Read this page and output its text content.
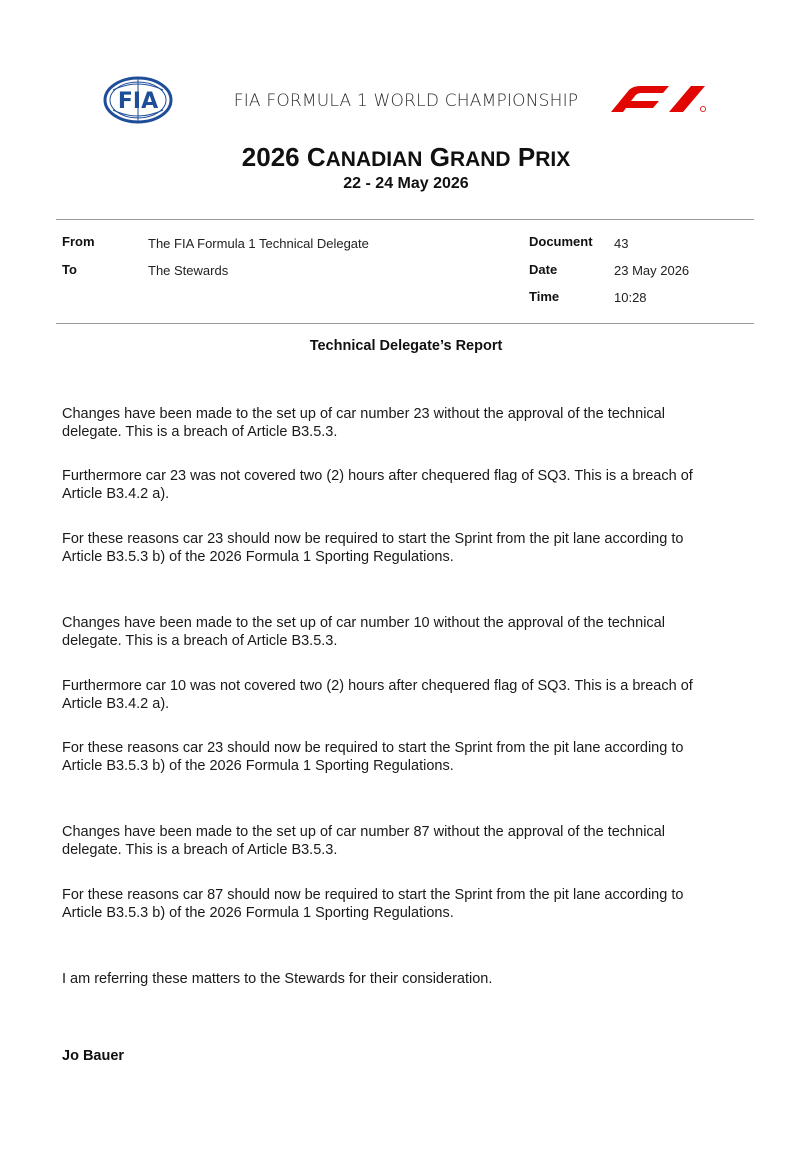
FIA	FIA FORMULA 1 WORLD CHAMPIONSHIP
2026 CANADIAN GRAND PRIX
22 - 24 May 2026
From	The FIA Formula 1 Technical Delegate
To	The Stewards
Document 43
Date	23 May 2026
Time	10:28
Technical Delegate’s Report
Changes have been made to the set up of car number 23 without the approval of the technical
delegate. This is a breach of Article B3.5.3.
Furthermore car 23 was not covered two (2) hours after chequered flag of SQ3. This is a breach of
Article B3.4.2 a).
For these reasons car 23 should now be required to start the Sprint from the pit lane according to
Article B3.5.3 b) of the 2026 Formula 1 Sporting Regulations.
Changes have been made to the set up of car number 10 without the approval of the technical
delegate. This is a breach of Article B3.5.3.
Furthermore car 10 was not covered two (2) hours after chequered flag of SQ3. This is a breach of
Article B3.4.2 a).
For these reasons car 23 should now be required to start the Sprint from the pit lane according to
Article B3.5.3 b) of the 2026 Formula 1 Sporting Regulations.
Changes have been made to the set up of car number 87 without the approval of the technical
delegate. This is a breach of Article B3.5.3.
For these reasons car 87 should now be required to start the Sprint from the pit lane according to
Article B3.5.3 b) of the 2026 Formula 1 Sporting Regulations.
I am referring these matters to the Stewards for their consideration.
Jo Bauer
